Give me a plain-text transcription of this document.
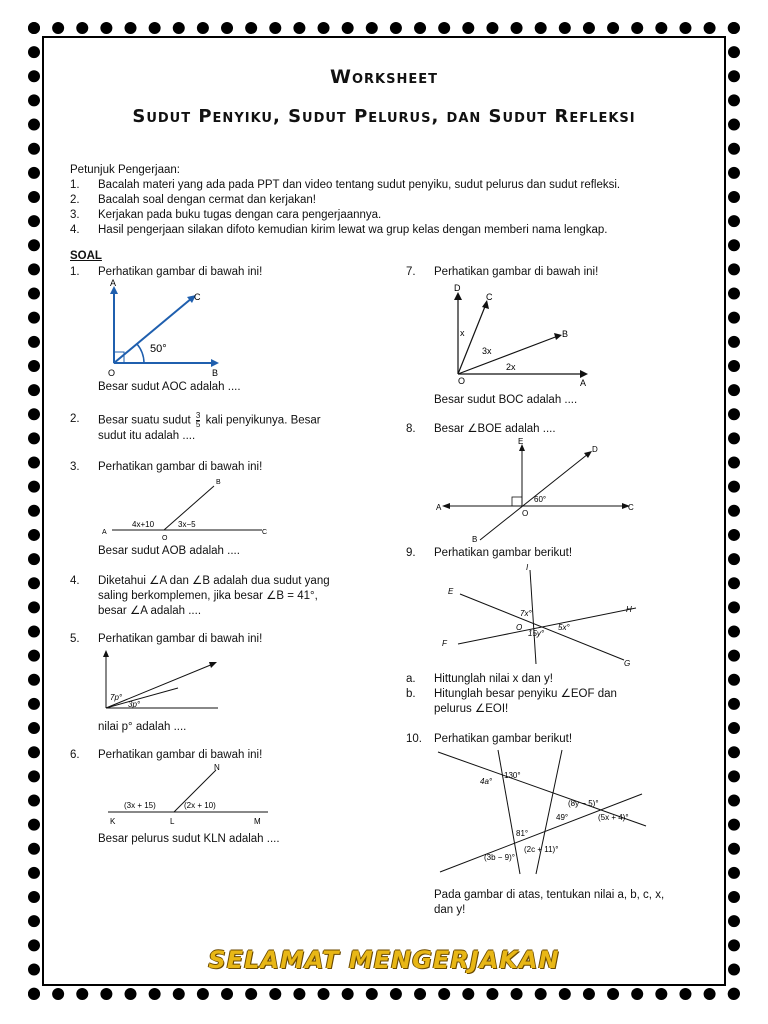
Worksheet
Sudut Penyiku, Sudut Pelurus, dan Sudut Refleksi
Petunjuk Pengerjaan:
1.	Bacalah materi yang ada pada PPT dan video tentang sudut penyiku, sudut pelurus dan sudut refleksi.
2.	Bacalah soal dengan cermat dan kerjakan!
3.	Kerjakan pada buku tugas dengan cara pengerjaannya.
4.	Hasil pengerjaan silakan difoto kemudian kirim lewat wa grup kelas dengan memberi nama lengkap.
SOAL
1.	Perhatikan gambar di bawah ini!
A
C
B
O
50°
Besar sudut AOC adalah ....
2.	Besar suatu sudut $\frac{3}{5}$ kali penyikunya. Besar
sudut itu adalah ....
3.	Perhatikan gambar di bawah ini!
A
B
C
O
4x+10	3x−5
Besar sudut AOB adalah ....
4.	Diketahui ∠A dan ∠B adalah dua sudut yang
saling berkomplemen, jika besar ∠B = 41°,
besar ∠A adalah ....
5.	Perhatikan gambar di bawah ini!
7p°
3p°
nilai p° adalah ....
6.	Perhatikan gambar di bawah ini!
N
K	L	M
(3x + 15)	(2x + 10)
Besar pelurus sudut KLN adalah ....
7.	Perhatikan gambar di bawah ini!
D
C
B
A
O
x
3x
2x
Besar sudut BOC adalah ....
8.	Besar ∠BOE adalah ....
A	C
E
D
B
O
60°
9.	Perhatikan gambar berikut!
I
E
H
F
G
O
7x°
5x°
15y°
a.	Hittunglah nilai x dan y!
b.	Hitunglah besar penyiku ∠EOF dan
pelurus ∠EOI!
10.	Perhatikan gambar berikut!
4a°
130°
(8y − 5)°
49°	(5x + 4)°
81°
(2c + 11)°
(3b − 9)°
Pada gambar di atas, tentukan nilai a, b, c, x,
dan y!
SELAMAT MENGERJAKAN
